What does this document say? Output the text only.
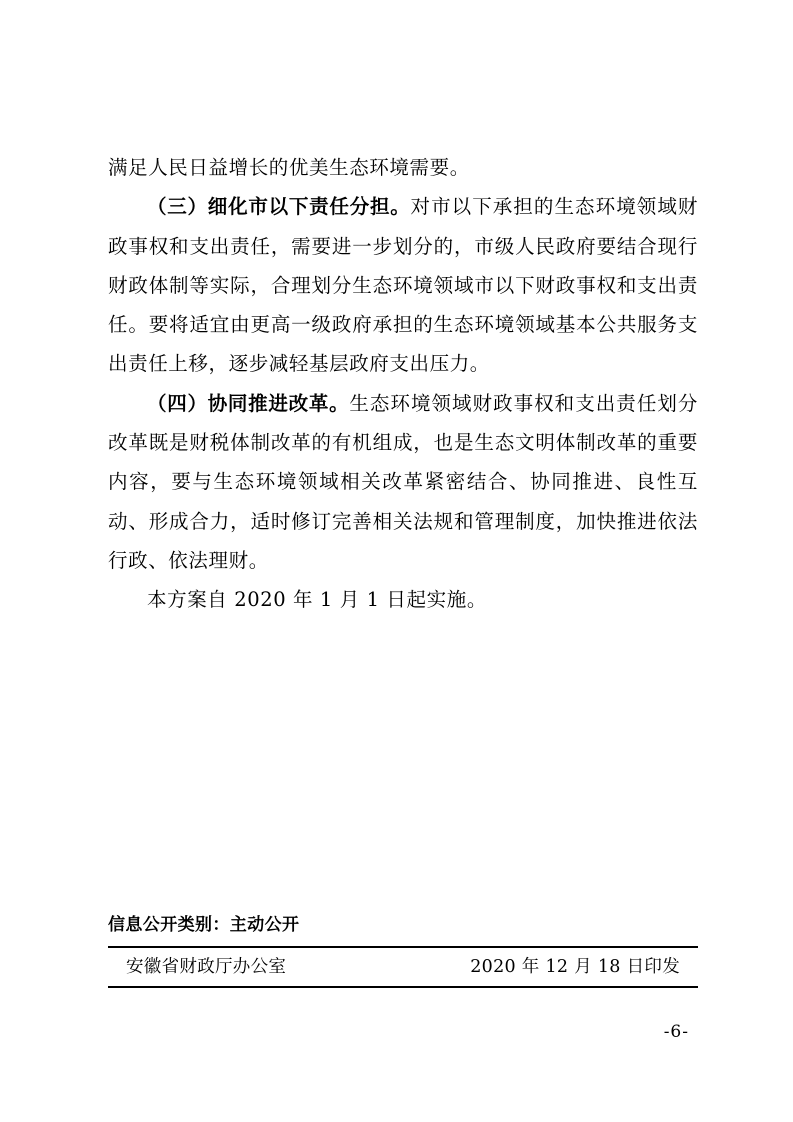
满足人民日益增长的优美生态环境需要。

（三）细化市以下责任分担。对市以下承担的生态环境领域财政事权和支出责任，需要进一步划分的，市级人民政府要结合现行财政体制等实际，合理划分生态环境领域市以下财政事权和支出责任。要将适宜由更高一级政府承担的生态环境领域基本公共服务支出责任上移，逐步减轻基层政府支出压力。

（四）协同推进改革。生态环境领域财政事权和支出责任划分改革既是财税体制改革的有机组成，也是生态文明体制改革的重要内容，要与生态环境领域相关改革紧密结合、协同推进、良性互动、形成合力，适时修订完善相关法规和管理制度，加快推进依法行政、依法理财。

本方案自 2020 年 1 月 1 日起实施。

信息公开类别：主动公开
安徽省财政厅办公室	2020 年 12 月 18 日印发
-6-
